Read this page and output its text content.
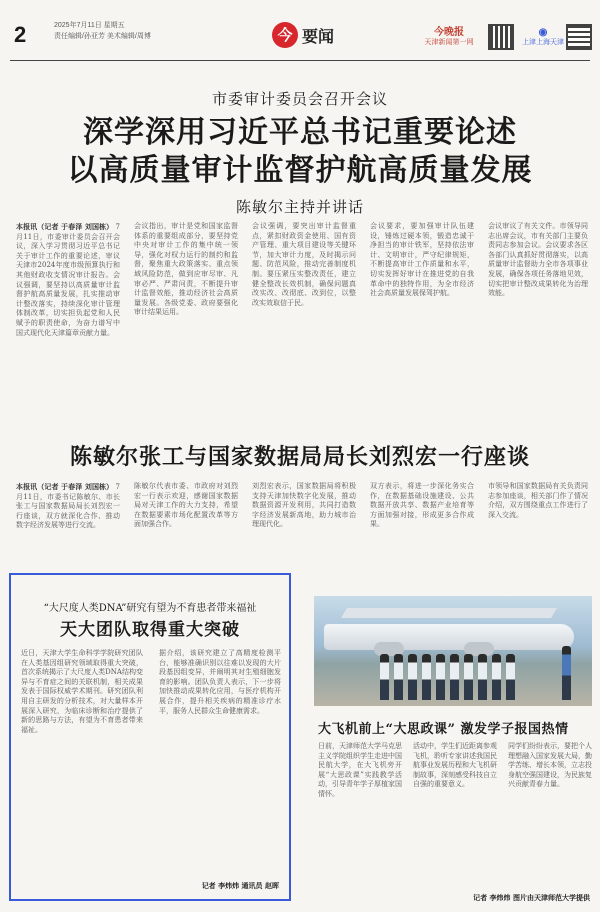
2	2025年7月11日 星期五
责任编辑/孙亚芳 美术编辑/周博	今 要闻	今晚报
天津新闻第一网
◉
上津上海天津
市委审计委员会召开会议
深学深用习近平总书记重要论述
以高质量审计监督护航高质量发展
陈敏尔主持并讲话
本报讯（记者 于春泽 刘国栋） 7月11日，市委审计委员会召开会议，深入学习贯彻习近平总书记关于审计工作的重要论述，审议天津市2024年度市级预算执行和其他财政收支情况审计报告。会议强调，要坚持以高质量审计监督护航高质量发展，扎实推动审计整改落实，持续深化审计管理体制改革，切实担负起党和人民赋予的职责使命，为奋力谱写中国式现代化天津篇章贡献力量。
会议指出，审计是党和国家监督体系的重要组成部分，要坚持党中央对审计工作的集中统一领导，强化对权力运行的制约和监督，聚焦重大政策落实、重点领域风险防范，做到应审尽审、凡审必严、严肃问责，不断提升审计监督效能，推动经济社会高质量发展。各级党委、政府要强化审计结果运用。
会议强调，要突出审计监督重点，紧扣财政资金使用、国有资产管理、重大项目建设等关键环节，加大审计力度，及时揭示问题、防范风险，推动完善制度机制。要压紧压实整改责任，建立健全整改长效机制，确保问题真改实改、改彻底、改到位，以整改实效取信于民。
会议要求，要加强审计队伍建设，锤炼过硬本领，锻造忠诚干净担当的审计铁军，坚持依法审计、文明审计，严守纪律规矩，不断提高审计工作质量和水平，切实发挥好审计在推进党的自我革命中的独特作用，为全市经济社会高质量发展保驾护航。
会议审议了有关文件。市领导同志出席会议，市有关部门主要负责同志参加会议。会议要求各区各部门认真抓好贯彻落实，以高质量审计监督助力全市各项事业发展，确保各项任务落地见效，切实把审计整改成果转化为治理效能。
陈敏尔张工与国家数据局局长刘烈宏一行座谈
本报讯（记者 于春泽 刘国栋） 7月11日，市委书记陈敏尔、市长张工与国家数据局局长刘烈宏一行座谈，双方就深化合作、推动数字经济发展等进行交流。
陈敏尔代表市委、市政府对刘烈宏一行表示欢迎，感谢国家数据局对天津工作的大力支持，希望在数据要素市场化配置改革等方面加强合作。
刘烈宏表示，国家数据局将积极支持天津加快数字化发展，推动数据资源开发利用，共同打造数字经济发展新高地，助力城市治理现代化。
双方表示，将进一步深化务实合作，在数据基础设施建设、公共数据开放共享、数据产业培育等方面加强对接，形成更多合作成果。
市领导和国家数据局有关负责同志参加座谈，相关部门作了情况介绍，双方围绕重点工作进行了深入交流。
“大尺度人类DNA”研究有望为不育患者带来福祉
天大团队取得重大突破
近日，天津大学生命科学学院研究团队在人类基因组研究领域取得重大突破，首次系统揭示了大尺度人类DNA结构变异与不育症之间的关联机制，相关成果发表于国际权威学术期刊。研究团队利用自主研发的分析技术，对大量样本开展深入研究，为临床诊断和治疗提供了新的思路与方法，有望为不育患者带来福祉。
据介绍，该研究建立了高精度检测平台，能够准确识别以往难以发现的大片段基因组变异，并阐明其对生殖细胞发育的影响。团队负责人表示，下一步将加快推动成果转化应用，与医疗机构开展合作，提升相关疾病的精准诊疗水平，服务人民群众生命健康需求。
记者 李炜炜 通讯员 赵晖
大飞机前上“大思政课” 激发学子报国热情
日前，天津师范大学马克思主义学院组织学生走进中国民航大学，在大飞机旁开展“大思政课”实践教学活动，引导青年学子厚植家国情怀。
活动中，学生们近距离参观飞机，聆听专家讲述我国民航事业发展历程和大飞机研制故事，深刻感受科技自立自强的重要意义。
同学们纷纷表示，要把个人理想融入国家发展大局，勤学苦练、增长本领，立志投身航空强国建设，为民族复兴贡献青春力量。
记者 李炜炜 图片由天津师范大学提供
